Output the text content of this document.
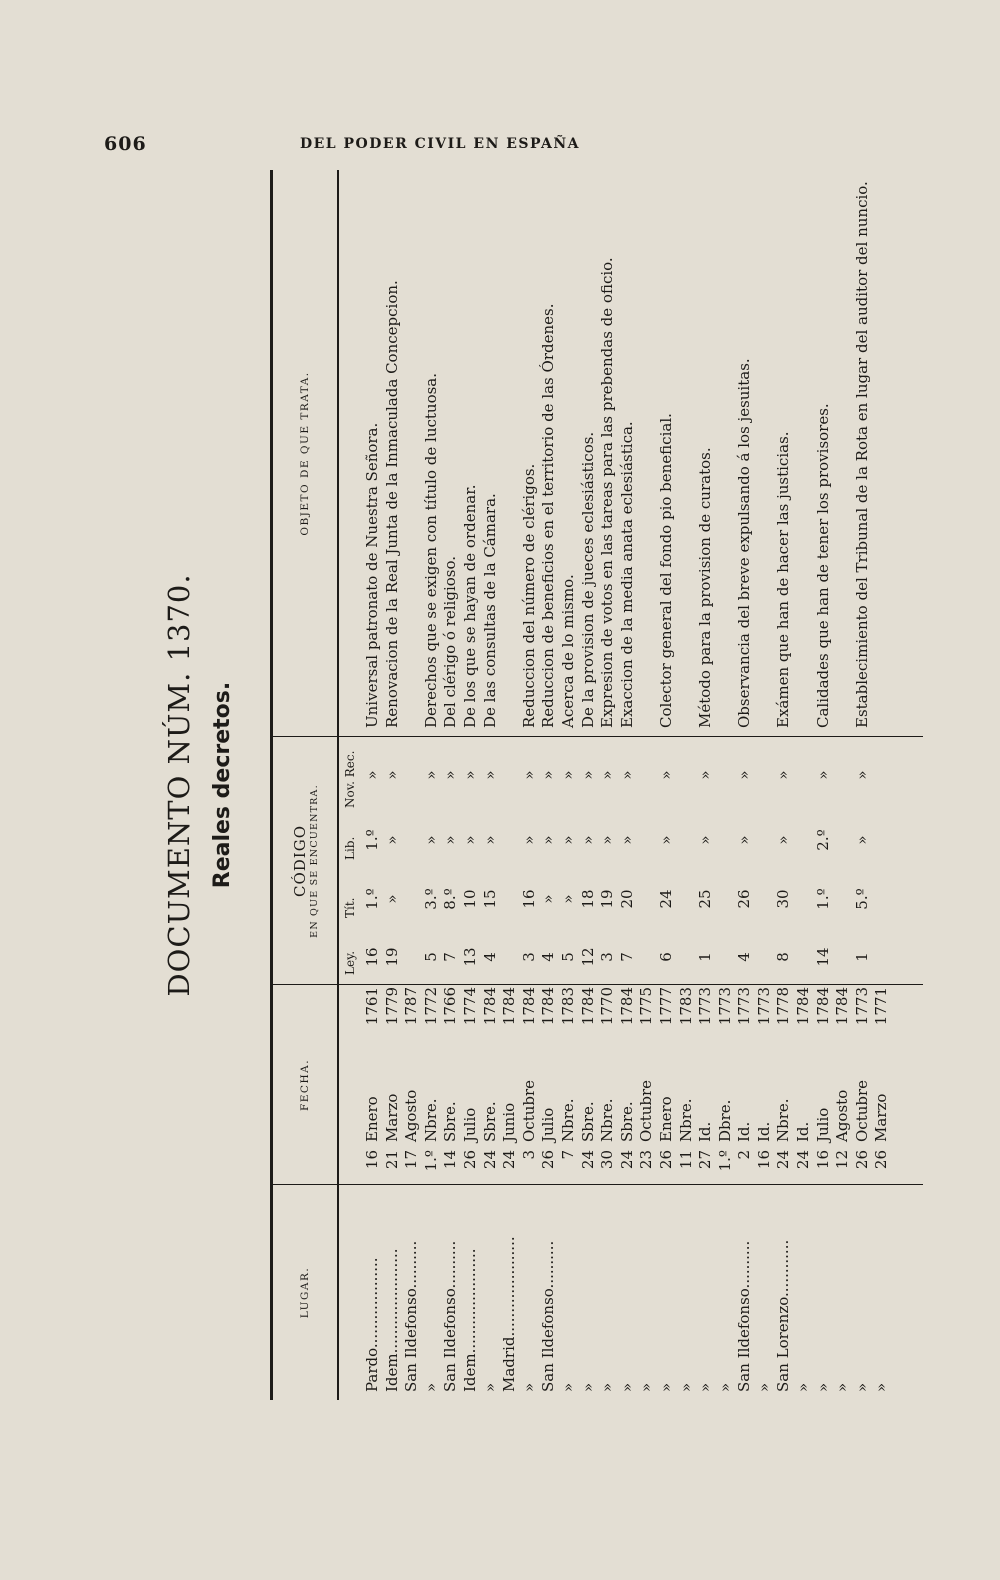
606	DEL PODER CIVIL EN ESPAÑA
DOCUMENTO NÚM. 1370. Reales decretos.
LUGAR.
FECHA.
CÓDIGO EN QUE SE ENCUENTRA.
OBJETO DE QUE TRATA.
Ley.
Tít.
Lib.
Nov. Rec.
Pardo...................
16
Enero
1761
16
1.º
1.º
»
Universal patronato de Nuestra Señora.
Idem......................
21
Marzo
1779
19
»
»
»
Renovacion de la Real Junta de la Inmaculada Concepcion.
San Ildefonso..........
17
Agosto
1787
»
1.º
Nbre.
1772
5
3.º
»
»
Derechos que se exigen con título de luctuosa.
San Ildefonso..........
14
Sbre.
1766
7
8.º
»
»
Del clérigo ó religioso.
Idem......................
26
Julio
1774
13
10
»
»
De los que se hayan de ordenar.
»
24
Sbre.
1784
4
15
»
»
De las consultas de la Cámara.
Madrid.....................
24
Junio
1784
»
3
Octubre
1784
3
16
»
»
Reduccion del número de clérigos.
San Ildefonso..........
26
Julio
1784
4
»
»
»
Reduccion de beneficios en el territorio de las Órdenes.
»
7
Nbre.
1783
5
»
»
»
Acerca de lo mismo.
»
24
Sbre.
1784
12
18
»
»
De la provision de jueces eclesiásticos.
»
30
Nbre.
1770
3
19
»
»
Expresion de votos en las tareas para las prebendas de oficio.
»
24
Sbre.
1784
7
20
»
»
Exaccion de la media anata eclesiástica.
»
23
Octubre
1775
»
26
Enero
1777
6
24
»
»
Colector general del fondo pio beneficial.
»
11
Nbre.
1783
»
27
Id.
1773
1
25
»
»
Método para la provision de curatos.
»
1.º
Dbre.
1773
San Ildefonso..........
2
Id.
1773
4
26
»
»
Observancia del breve expulsando á los jesuitas.
»
16
Id.
1773
San Lorenzo............
24
Nbre.
1778
8
30
»
»
Exámen que han de hacer las justicias.
»
24
Id.
1784
»
16
Julio
1784
14
1.º
2.º
»
Calidades que han de tener los provisores.
»
12
Agosto
1784
»
26
Octubre
1773
1
5.º
»
»
Establecimiento del Tribunal de la Rota en lugar del auditor del nuncio.
»
26
Marzo
1771
